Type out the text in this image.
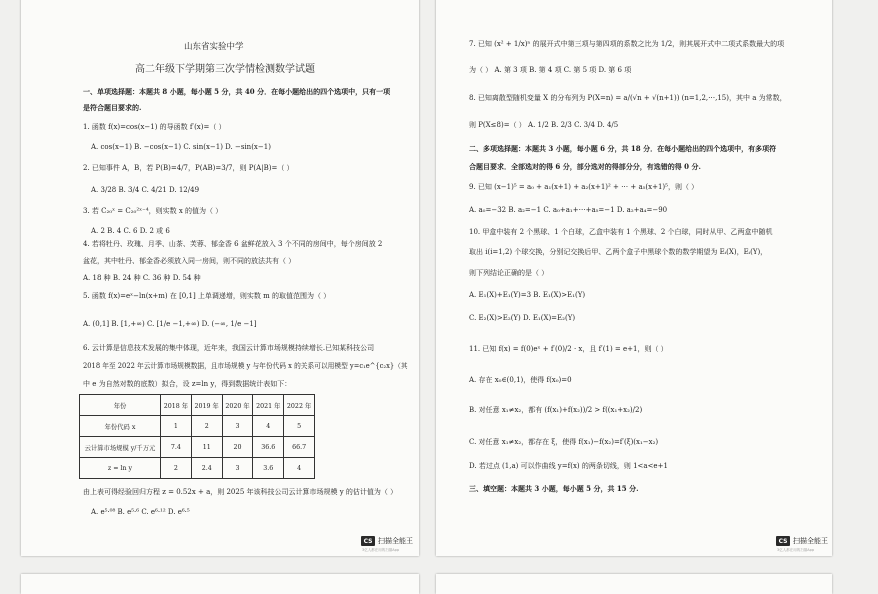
山东省实验中学
高二年级下学期第三次学情检测数学试题
一、单项选择题：本题共 8 小题，每小题 5 分，共 40 分．在每小题给出的四个选项中，只有一项
是符合题目要求的.
1. 函数 f(x)=cos(x−1) 的导函数 f′(x)=（ ）
A. cos(x−1) B. −cos(x−1) C. sin(x−1) D. −sin(x−1)
2. 已知事件 A，B，若 P(B)=4/7，P(AB)=3/7，则 P(A|B)=（ ）
A. 3/28 B. 3/4 C. 4/21 D. 12/49
3. 若 C₂₀ˣ = C₂₀²ˣ⁻⁴，则实数 x 的值为（ ）
A. 2 B. 4 C. 6 D. 2 或 6
4. 若将牡丹、玫瑰、月季、山茶、芙蓉、郁金香 6 盆鲜花放入 3 个不同的房间中，每个房间放 2
盆花，其中牡丹、郁金香必须放入同一房间，则不同的放法共有（ ）
A. 18 种 B. 24 种 C. 36 种 D. 54 种
5. 函数 f(x)=eˣ−ln(x+m) 在 [0,1] 上单调递增，则实数 m 的取值范围为（ ）
A. (0,1] B. [1,+∞) C. [1/e −1,+∞) D. (−∞, 1/e −1]
6. 云计算是信息技术发展的集中体现，近年来，我国云计算市场规模持续增长.已知某科技公司
2018 年至 2022 年云计算市场规模数据，且市场规模 y 与年份代码 x 的关系可以用模型 y=c₁e^{c₂x}（其
中 e 为自然对数的底数）拟合，设 z=ln y，得到数据统计表如下：
年份	2018 年	2019 年	2020 年	2021 年	2022 年
年份代码 x	1	2	3	4	5
云计算市场规模 y/千万元	7.4	11	20	36.6	66.7
z = ln y	2	2.4	3	3.6	4
由上表可得经验回归方程 z = 0.52x + a，则 2025 年该科技公司云计算市场规模 y 的估计值为（ ）
A. e⁵·⁰⁸ B. e⁵·⁶ C. e⁶·¹² D. e⁶·⁵
CS 扫描全能王
3亿人都在用的扫描App
7. 已知 (x² + 1/x)ⁿ 的展开式中第三项与第四项的系数之比为 1/2，则其展开式中二项式系数最大的项
为（ ） A. 第 3 项 B. 第 4 项 C. 第 5 项 D. 第 6 项
8. 已知离散型随机变量 X 的分布列为 P(X=n) = a/(√n + √(n+1)) (n=1,2,⋯,15)，其中 a 为常数，
则 P(X≤8)=（ ） A. 1/2 B. 2/3 C. 3/4 D. 4/5
二、多项选择题：本题共 3 小题，每小题 6 分，共 18 分．在每小题给出的四个选项中，有多项符
合题目要求．全部选对的得 6 分，部分选对的得部分分，有选错的得 0 分.
9. 已知 (x−1)⁵ = a₀ + a₁(x+1) + a₂(x+1)² + ⋯ + a₅(x+1)⁵，则（ ）
A. a₀=−32 B. a₂=−1 C. a₀+a₁+⋯+a₅=−1 D. a₂+a₄=−90
10. 甲盒中装有 2 个黑球、1 个白球，乙盒中装有 1 个黑球、2 个白球，同时从甲、乙两盒中随机
取出 i(i=1,2) 个球交换，分别记交换后甲、乙两个盒子中黑球个数的数学期望为 Eᵢ(X)，Eᵢ(Y)，
则下列结论正确的是（ ）
A. E₁(X)+E₁(Y)=3 B. E₁(X)>E₁(Y)
C. E₂(X)>E₂(Y) D. E₁(X)=E₂(Y)
11. 已知 f(x) = f(0)eˣ + f′(0)/2 · x，且 f′(1) = e+1，则（ ）
A. 存在 x₀∈(0,1)，使得 f(x₀)=0
B. 对任意 x₁≠x₂，都有 (f(x₁)+f(x₂))/2 > f((x₁+x₂)/2)
C. 对任意 x₁≠x₂，都存在 ξ，使得 f(x₁)−f(x₂)=f′(ξ)(x₁−x₂)
D. 若过点 (1,a) 可以作曲线 y=f(x) 的两条切线，则 1<a<e+1
三、填空题：本题共 3 小题，每小题 5 分，共 15 分.
CS 扫描全能王
3亿人都在用的扫描App
